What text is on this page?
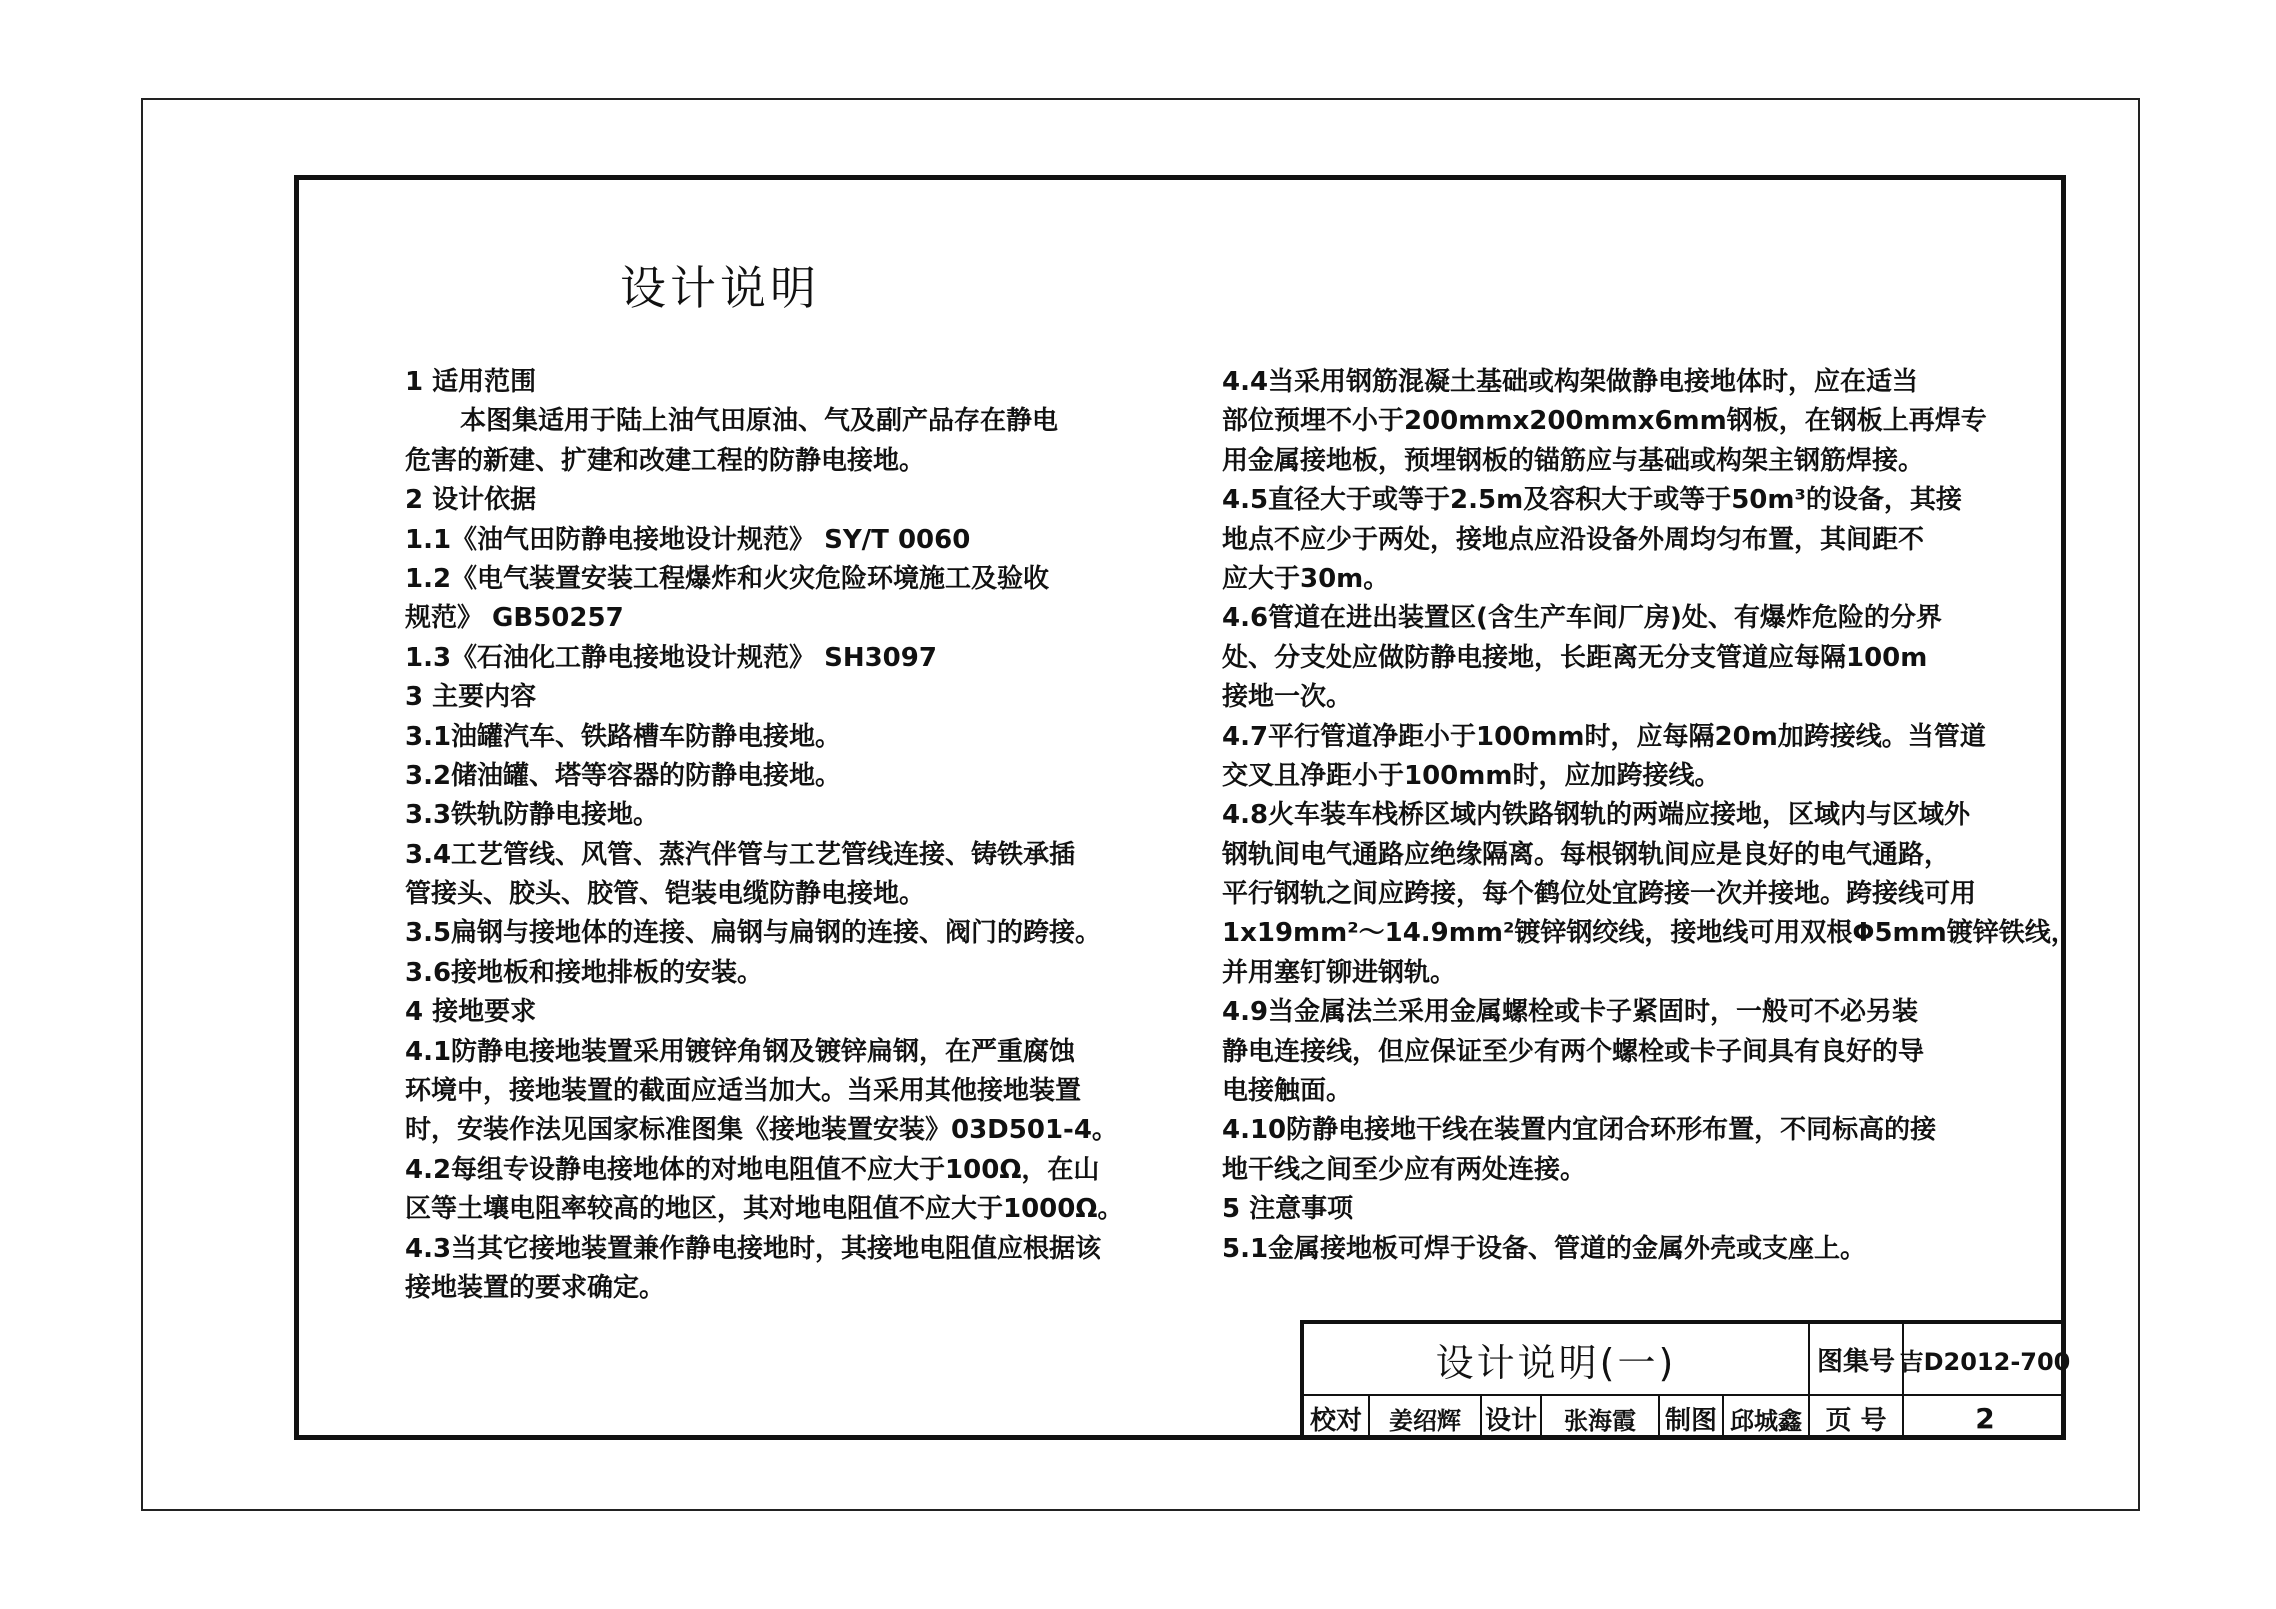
设计说明
1 适用范围
本图集适用于陆上油气田原油、气及副产品存在静电
危害的新建、扩建和改建工程的防静电接地。
2 设计依据
1.1《油气田防静电接地设计规范》 SY/T 0060
1.2《电气装置安装工程爆炸和火灾危险环境施工及验收
规范》 GB50257
1.3《石油化工静电接地设计规范》 SH3097
3 主要内容
3.1油罐汽车、铁路槽车防静电接地。
3.2储油罐、塔等容器的防静电接地。
3.3铁轨防静电接地。
3.4工艺管线、风管、蒸汽伴管与工艺管线连接、铸铁承插
管接头、胶头、胶管、铠装电缆防静电接地。
3.5扁钢与接地体的连接、扁钢与扁钢的连接、阀门的跨接。
3.6接地板和接地排板的安装。
4 接地要求
4.1防静电接地装置采用镀锌角钢及镀锌扁钢，在严重腐蚀
环境中，接地装置的截面应适当加大。当采用其他接地装置
时，安装作法见国家标准图集《接地装置安装》03D501-4。
4.2每组专设静电接地体的对地电阻值不应大于100Ω，在山
区等土壤电阻率较高的地区，其对地电阻值不应大于1000Ω。
4.3当其它接地装置兼作静电接地时，其接地电阻值应根据该
接地装置的要求确定。
4.4当采用钢筋混凝土基础或构架做静电接地体时，应在适当
部位预埋不小于200mmx200mmx6mm钢板，在钢板上再焊专
用金属接地板，预埋钢板的锚筋应与基础或构架主钢筋焊接。
4.5直径大于或等于2.5m及容积大于或等于50m³的设备，其接
地点不应少于两处，接地点应沿设备外周均匀布置，其间距不
应大于30m。
4.6管道在进出装置区(含生产车间厂房)处、有爆炸危险的分界
处、分支处应做防静电接地，长距离无分支管道应每隔100m
接地一次。
4.7平行管道净距小于100mm时，应每隔20m加跨接线。当管道
交叉且净距小于100mm时，应加跨接线。
4.8火车装车栈桥区域内铁路钢轨的两端应接地，区域内与区域外
钢轨间电气通路应绝缘隔离。每根钢轨间应是良好的电气通路，
平行钢轨之间应跨接，每个鹤位处宜跨接一次并接地。跨接线可用
1x19mm²～14.9mm²镀锌钢绞线，接地线可用双根Φ5mm镀锌铁线，
并用塞钉铆进钢轨。
4.9当金属法兰采用金属螺栓或卡子紧固时，一般可不必另装
静电连接线，但应保证至少有两个螺栓或卡子间具有良好的导
电接触面。
4.10防静电接地干线在装置内宜闭合环形布置，不同标高的接
地干线之间至少应有两处连接。
5 注意事项
5.1金属接地板可焊于设备、管道的金属外壳或支座上。
设计说明(一)	图集号 吉D2012-700
校对	姜绍辉 设计	张海霞	制图 邱城鑫 页 号	2
